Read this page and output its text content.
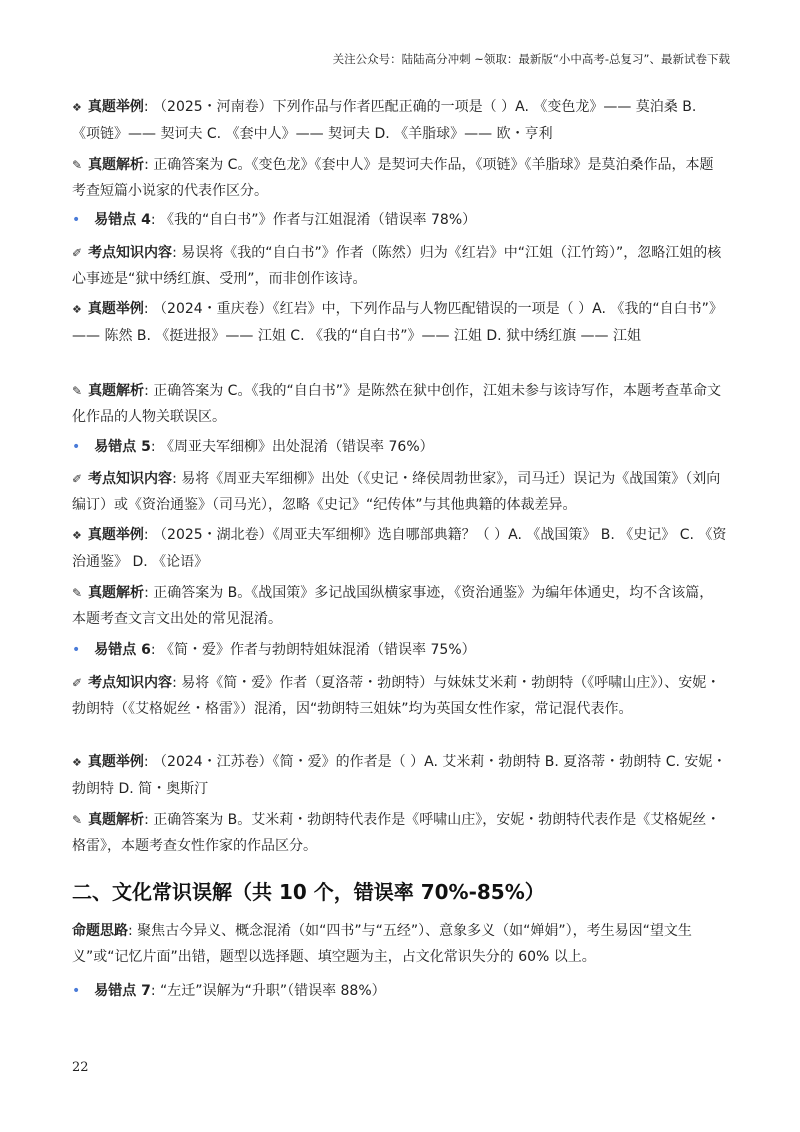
关注公众号：陆陆高分冲刺 ~领取：最新版“小中高考-总复习”、最新试卷下载

❖ 真题举例: （2025・河南卷）下列作品与作者匹配正确的一项是（ ）A. 《变色龙》—— 莫泊桑 B. 《项链》—— 契诃夫 C. 《套中人》—— 契诃夫 D. 《羊脂球》—— 欧・亨利

✎ 真题解析: 正确答案为 C。《变色龙》《套中人》是契诃夫作品，《项链》《羊脂球》是莫泊桑作品，本题考查短篇小说家的代表作区分。

• 易错点 4: 《我的“自白书”》作者与江姐混淆（错误率 78%）

✐ 考点知识内容: 易误将《我的“自白书”》作者（陈然）归为《红岩》中“江姐（江竹筠）”，忽略江姐的核心事迹是“狱中绣红旗、受刑”，而非创作该诗。

❖ 真题举例: （2024・重庆卷）《红岩》中，下列作品与人物匹配错误的一项是（ ）A. 《我的“自白书”》—— 陈然 B. 《挺进报》—— 江姐 C. 《我的“自白书”》—— 江姐 D. 狱中绣红旗 —— 江姐

✎ 真题解析: 正确答案为 C。《我的“自白书”》是陈然在狱中创作，江姐未参与该诗写作，本题考查革命文化作品的人物关联误区。

• 易错点 5: 《周亚夫军细柳》出处混淆（错误率 76%）

✐ 考点知识内容: 易将《周亚夫军细柳》出处（《史记・绛侯周勃世家》，司马迁）误记为《战国策》（刘向编订）或《资治通鉴》（司马光），忽略《史记》“纪传体”与其他典籍的体裁差异。

❖ 真题举例: （2025・湖北卷）《周亚夫军细柳》选自哪部典籍？（ ）A. 《战国策》 B. 《史记》 C. 《资治通鉴》 D. 《论语》

✎ 真题解析: 正确答案为 B。《战国策》多记战国纵横家事迹，《资治通鉴》为编年体通史，均不含该篇，本题考查文言文出处的常见混淆。

• 易错点 6: 《简・爱》作者与勃朗特姐妹混淆（错误率 75%）

✐ 考点知识内容: 易将《简・爱》作者（夏洛蒂・勃朗特）与妹妹艾米莉・勃朗特（《呼啸山庄》）、安妮・勃朗特（《艾格妮丝・格雷》）混淆，因“勃朗特三姐妹”均为英国女性作家，常记混代表作。

❖ 真题举例: （2024・江苏卷）《简・爱》的作者是（ ）A. 艾米莉・勃朗特 B. 夏洛蒂・勃朗特 C. 安妮・勃朗特 D. 简・奥斯汀

✎ 真题解析: 正确答案为 B。艾米莉・勃朗特代表作是《呼啸山庄》，安妮・勃朗特代表作是《艾格妮丝・格雷》，本题考查女性作家的作品区分。

二、文化常识误解（共 10 个，错误率 70%-85%）

命题思路: 聚焦古今异义、概念混淆（如“四书”与“五经”）、意象多义（如“婵娟”），考生易因“望文生义”或“记忆片面”出错，题型以选择题、填空题为主，占文化常识失分的 60% 以上。

• 易错点 7: “左迁”误解为“升职”（错误率 88%）

22
